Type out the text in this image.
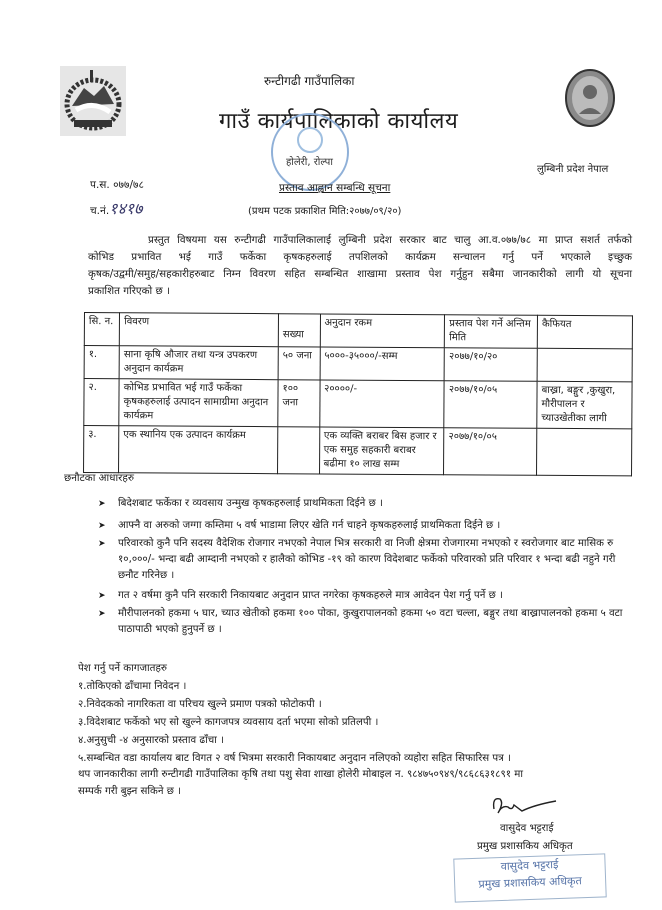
रुन्टीगढी गाउँपालिका
गाउँ कार्यपालिकाको कार्यालय
लुम्बिनी प्रदेश नेपाल
होलेरी, रोल्पा
प.स. ०७७/७८
च.नं.१४१७
प्रस्ताव आह्वान सम्बन्धि सूचना
(प्रथम पटक प्रकाशित मिति:२०७७/०९/२०)

प्रस्तुत विषयमा यस रुन्टीगढी गाउँपालिकालाई लुम्बिनी प्रदेश सरकार बाट चालु आ.व.०७७/७८ मा प्राप्त सशर्त तर्फको

कोभिड प्रभावित भई गाउँ फर्केका कृषकहरुलाई तपशिलको कार्यक्रम सन्चालन गर्नु पर्ने भएकाले इच्छुक

कृषक/उद्वमी/समुह/सहकारीहरुबाट निम्न विवरण सहित सम्बन्धित शाखामा प्रस्ताव पेश गर्नुहुन सबैमा जानकारीको लागी यो सूचना

प्रकाशित गरिएको छ ।

सि. न.	विवरण	सख्या	अनुदान रकम	प्रस्ताव पेश गर्ने अन्तिम मिति	कैफियत
१.	साना कृषि औजार तथा यन्त्र उपकरण अनुदान कार्यक्रम	५० जना	५०००-३५०००/-सम्म	२०७७/१०/२०	
२.	कोभिड प्रभावित भई गाउँ फर्केका कृषकहरुलाई उत्पादन सामाग्रीमा अनुदान कार्यक्रम	१०० जना	२००००/-	२०७७/१०/०५	बाख्रा, बङ्गुर ,कुखुरा, मौरीपालन र च्याउखेतीका लागी
३.	एक स्थानिय एक उत्पादन कार्यक्रम		एक व्यक्ति बराबर बिस हजार र एक समुह सहकारी बराबर बढीमा १० लाख सम्म	२०७७/१०/०५	
छनौटका आधारहरु
➤ बिदेशबाट फर्केका र व्यवसाय उन्मुख कृषकहरुलाई प्राथमिकता दिईने छ ।
➤ आफ्नै वा अरुको जग्गा कम्तिमा ५ वर्ष भाडामा लिएर खेति गर्न चाहने कृषकहरुलाई प्राथमिकता दिईने छ ।
➤ परिवारको कुनै पनि सदस्य वैदेशिक रोजगार नभएको नेपाल भित्र सरकारी वा निजी क्षेत्रमा रोजगारमा नभएको र स्वरोजगार बाट मासिक रु १०,०००/- भन्दा बढी आम्दानी नभएको र हालैको कोभिड -१९ को कारण विदेशबाट फर्केको परिवारको प्रति परिवार १ भन्दा बढी नहुने गरी छनौट गरिनेछ ।
➤ गत २ वर्षमा कुनै पनि सरकारी निकायबाट अनुदान प्राप्त नगरेका कृषकहरुले मात्र आवेदन पेश गर्नु पर्ने छ ।
➤ मौरीपालनको हकमा ५ घार, च्याउ खेतीको हकमा १०० पोका, कुखुरापालनको हकमा ५० वटा चल्ला, बङ्गुर तथा बाख्रापालनको हकमा ५ वटा पाठापाठी भएको हुनुपर्ने छ ।
पेश गर्नु पर्ने कागजातहरु
१.तोकिएको ढाँचामा निवेदन ।
२.निवेदकको नागरिकता वा परिचय खुल्ने प्रमाण पत्रको फोटोकपी ।
३.विदेशबाट फर्केको भए सो खुल्ने कागजपत्र व्यवसाय दर्ता भएमा सोको प्रतिलपी ।
४.अनुसुची -४ अनुसारको प्रस्ताव ढाँचा ।
५.सम्बन्धित वडा कार्यालय बाट विगत २ वर्ष भित्रमा सरकारी निकायबाट अनुदान नलिएको व्यहोरा सहित सिफारिस पत्र ।
थप जानकारीका लागी रुन्टीगढी गाउँपालिका कृषि तथा पशु सेवा शाखा होलेरी मोबाइल न. ९८४७५०९४९/९८६८६३१८९१ मा
सम्पर्क गरी बुझ्न सकिने छ ।
वासुदेव भट्टराई
प्रमुख प्रशासकिय अधिकृत
वासुदेव भट्टराई
प्रमुख प्रशासकिय अधिकृत
